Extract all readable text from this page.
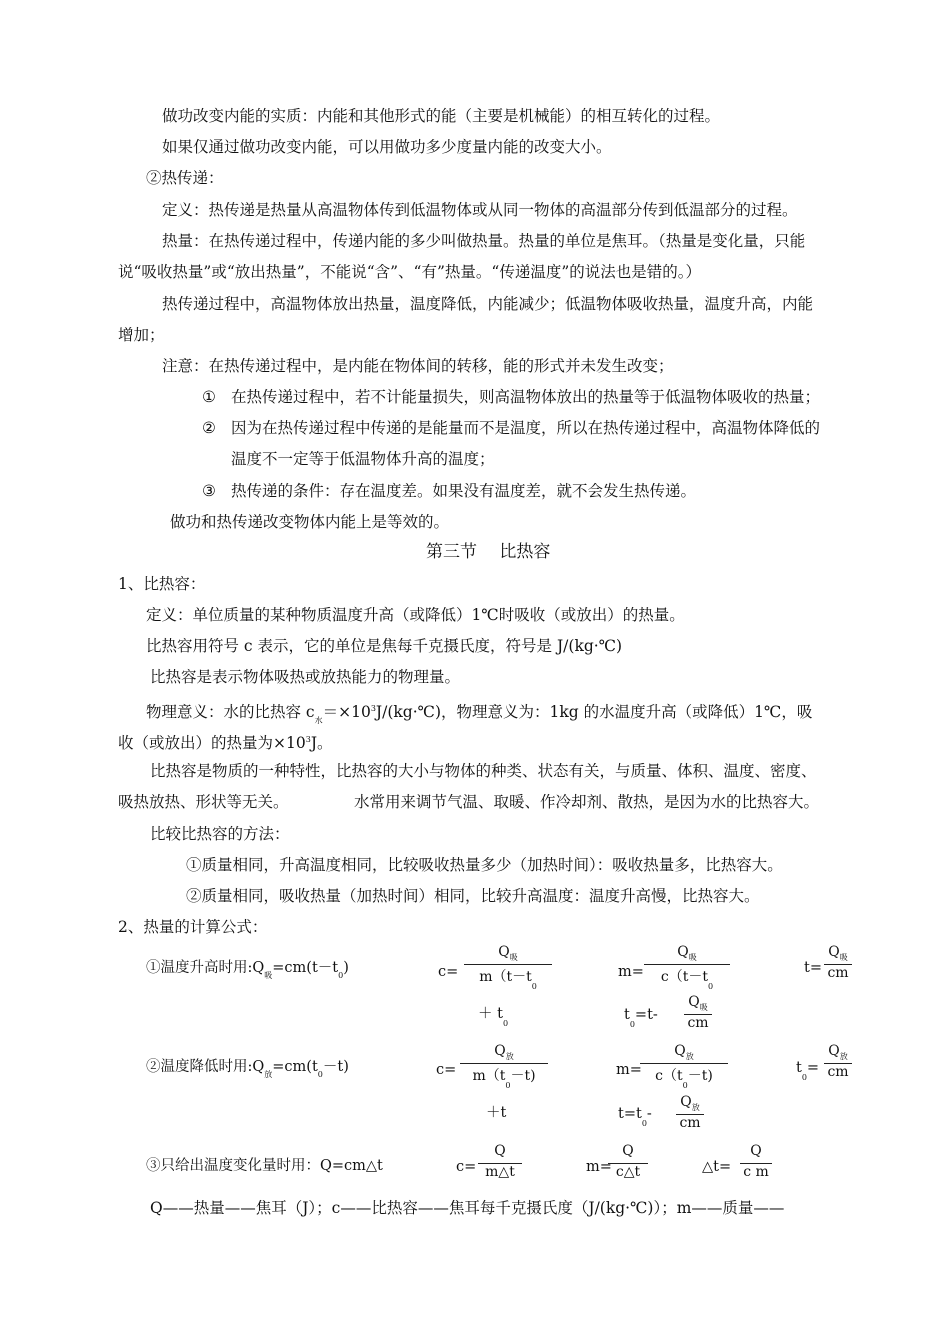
做功改变内能的实质：内能和其他形式的能（主要是机械能）的相互转化的过程。
如果仅通过做功改变内能，可以用做功多少度量内能的改变大小。
②热传递：
定义：热传递是热量从高温物体传到低温物体或从同一物体的高温部分传到低温部分的过程。
热量：在热传递过程中，传递内能的多少叫做热量。热量的单位是焦耳。（热量是变化量，只能
说“吸收热量”或“放出热量”，不能说“含”、“有”热量。“传递温度”的说法也是错的。）
热传递过程中，高温物体放出热量，温度降低，内能减少；低温物体吸收热量，温度升高，内能
增加；
注意：在热传递过程中，是内能在物体间的转移，能的形式并未发生改变；
① 在热传递过程中，若不计能量损失，则高温物体放出的热量等于低温物体吸收的热量；
② 因为在热传递过程中传递的是能量而不是温度，所以在热传递过程中，高温物体降低的
温度不一定等于低温物体升高的温度；
③ 热传递的条件：存在温度差。如果没有温度差，就不会发生热传递。
做功和热传递改变物体内能上是等效的。
第三节　 比热容
1、比热容：
定义：单位质量的某种物质温度升高（或降低）1℃时吸收（或放出）的热量。
比热容用符号 c 表示，它的单位是焦每千克摄氏度，符号是 J/(kg·℃)
比热容是表示物体吸热或放热能力的物理量。
物理意义：水的比热容 $c_水=\times 10^3J/(kg\cdot℃)$，物理意义为：1kg 的水温度升高（或降低）1℃，吸
收（或放出）的热量为$\times 10^3J$。
比热容是物质的一种特性，比热容的大小与物体的种类、状态有关，与质量、体积、温度、密度、
吸热放热、形状等无关。	水常用来调节气温、取暖、作冷却剂、散热，是因为水的比热容大。
比较比热容的方法：
①质量相同，升高温度相同，比较吸收热量多少（加热时间）：吸收热量多，比热容大。
②质量相同，吸收热量（加热时间）相同，比较升高温度：温度升高慢，比热容大。
2、热量的计算公式：
①温度升高时用$:Q_吸=cm(t-t_0)$	c=
$Q_吸$
$m(t-t_0$
m=
$Q_吸$
$c(t-t_0$
t=
$Q_吸$
cm
＋ $t_0$
$t_0=t-$
$Q_吸$
cm
②温度降低时用$:Q_放=cm(t_0-t)$	c=
$Q_放$
$m(t_0-t)$	m=
$Q_放$
$c(t_0-t)$	$t_0=$
$Q_放$
cm
＋t	$t=t_0-$
$Q_放$
cm
③只给出温度变化量时用：Q=cm△t	c=
Q
m△t	m=
Q
c△t	△t=
Q
c m
Q——热量——焦耳（J）；c——比热容——焦耳每千克摄氏度（J/(kg·℃)）；m——质量——
